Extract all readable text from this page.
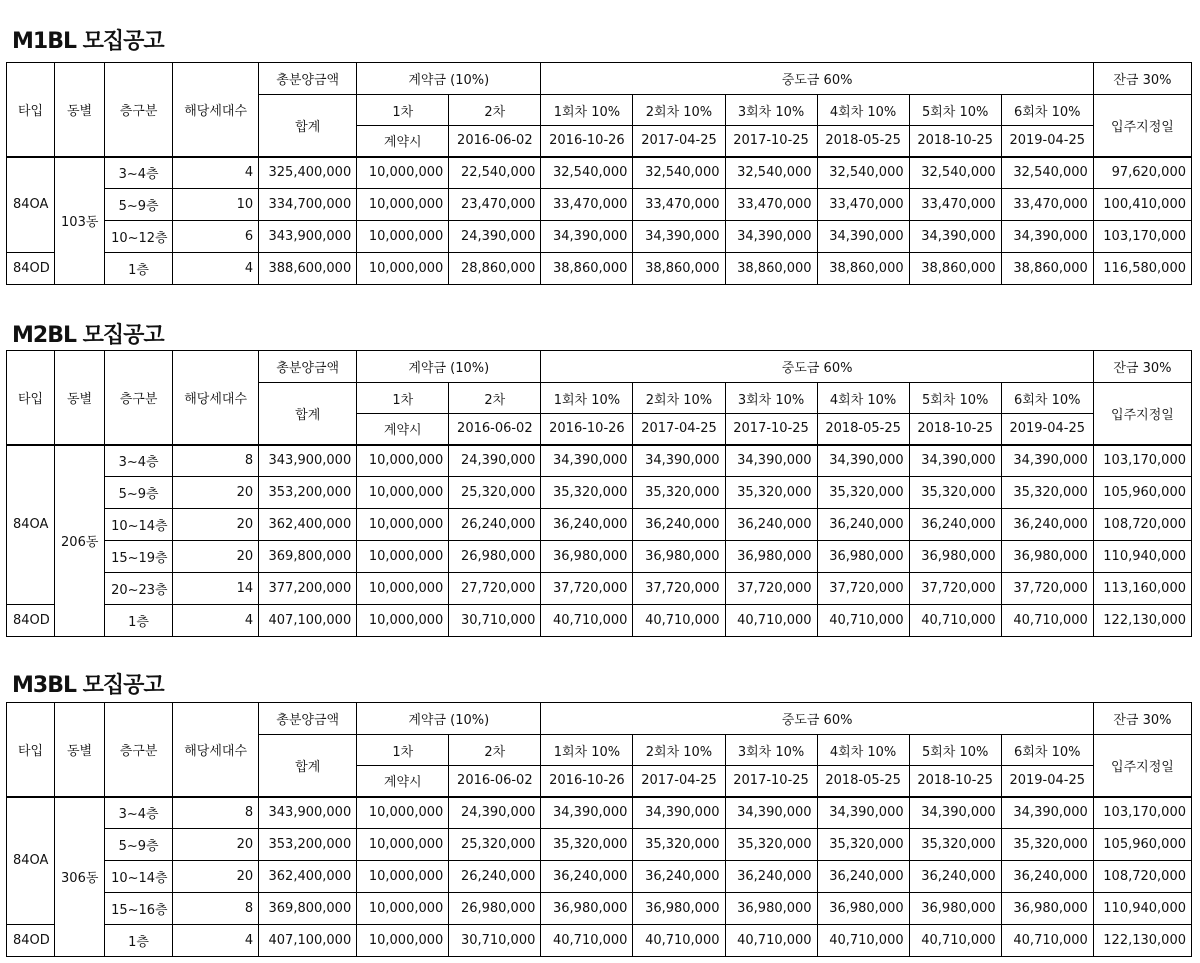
M1BL 모집공고
타입	동별	층구분	해당세대수	총분양금액	계약금 (10%)		중도금 60%						잔금 30%
				합계	1차	2차	1회차 10%	2회차 10%	3회차 10%	4회차 10%	5회차 10%	6회차 10%	입주지정일
					계약시	2016-06-02	2016-10-26	2017-04-25	2017-10-25	2018-05-25	2018-10-25	2019-04-25	
84OA	103동	3~4층	4	325,400,000	10,000,000	22,540,000	32,540,000	32,540,000	32,540,000	32,540,000	32,540,000	32,540,000	97,620,000
		5~9층	10	334,700,000	10,000,000	23,470,000	33,470,000	33,470,000	33,470,000	33,470,000	33,470,000	33,470,000	100,410,000
		10~12층	6	343,900,000	10,000,000	24,390,000	34,390,000	34,390,000	34,390,000	34,390,000	34,390,000	34,390,000	103,170,000
84OD		1층	4	388,600,000	10,000,000	28,860,000	38,860,000	38,860,000	38,860,000	38,860,000	38,860,000	38,860,000	116,580,000
M2BL 모집공고
타입	동별	층구분	해당세대수	총분양금액	계약금 (10%)		중도금 60%						잔금 30%
				합계	1차	2차	1회차 10%	2회차 10%	3회차 10%	4회차 10%	5회차 10%	6회차 10%	입주지정일
					계약시	2016-06-02	2016-10-26	2017-04-25	2017-10-25	2018-05-25	2018-10-25	2019-04-25	
84OA	206동	3~4층	8	343,900,000	10,000,000	24,390,000	34,390,000	34,390,000	34,390,000	34,390,000	34,390,000	34,390,000	103,170,000
		5~9층	20	353,200,000	10,000,000	25,320,000	35,320,000	35,320,000	35,320,000	35,320,000	35,320,000	35,320,000	105,960,000
		10~14층	20	362,400,000	10,000,000	26,240,000	36,240,000	36,240,000	36,240,000	36,240,000	36,240,000	36,240,000	108,720,000
		15~19층	20	369,800,000	10,000,000	26,980,000	36,980,000	36,980,000	36,980,000	36,980,000	36,980,000	36,980,000	110,940,000
		20~23층	14	377,200,000	10,000,000	27,720,000	37,720,000	37,720,000	37,720,000	37,720,000	37,720,000	37,720,000	113,160,000
84OD		1층	4	407,100,000	10,000,000	30,710,000	40,710,000	40,710,000	40,710,000	40,710,000	40,710,000	40,710,000	122,130,000
M3BL 모집공고
타입	동별	층구분	해당세대수	총분양금액	계약금 (10%)		중도금 60%						잔금 30%
				합계	1차	2차	1회차 10%	2회차 10%	3회차 10%	4회차 10%	5회차 10%	6회차 10%	입주지정일
					계약시	2016-06-02	2016-10-26	2017-04-25	2017-10-25	2018-05-25	2018-10-25	2019-04-25	
84OA	306동	3~4층	8	343,900,000	10,000,000	24,390,000	34,390,000	34,390,000	34,390,000	34,390,000	34,390,000	34,390,000	103,170,000
		5~9층	20	353,200,000	10,000,000	25,320,000	35,320,000	35,320,000	35,320,000	35,320,000	35,320,000	35,320,000	105,960,000
		10~14층	20	362,400,000	10,000,000	26,240,000	36,240,000	36,240,000	36,240,000	36,240,000	36,240,000	36,240,000	108,720,000
		15~16층	8	369,800,000	10,000,000	26,980,000	36,980,000	36,980,000	36,980,000	36,980,000	36,980,000	36,980,000	110,940,000
84OD		1층	4	407,100,000	10,000,000	30,710,000	40,710,000	40,710,000	40,710,000	40,710,000	40,710,000	40,710,000	122,130,000
